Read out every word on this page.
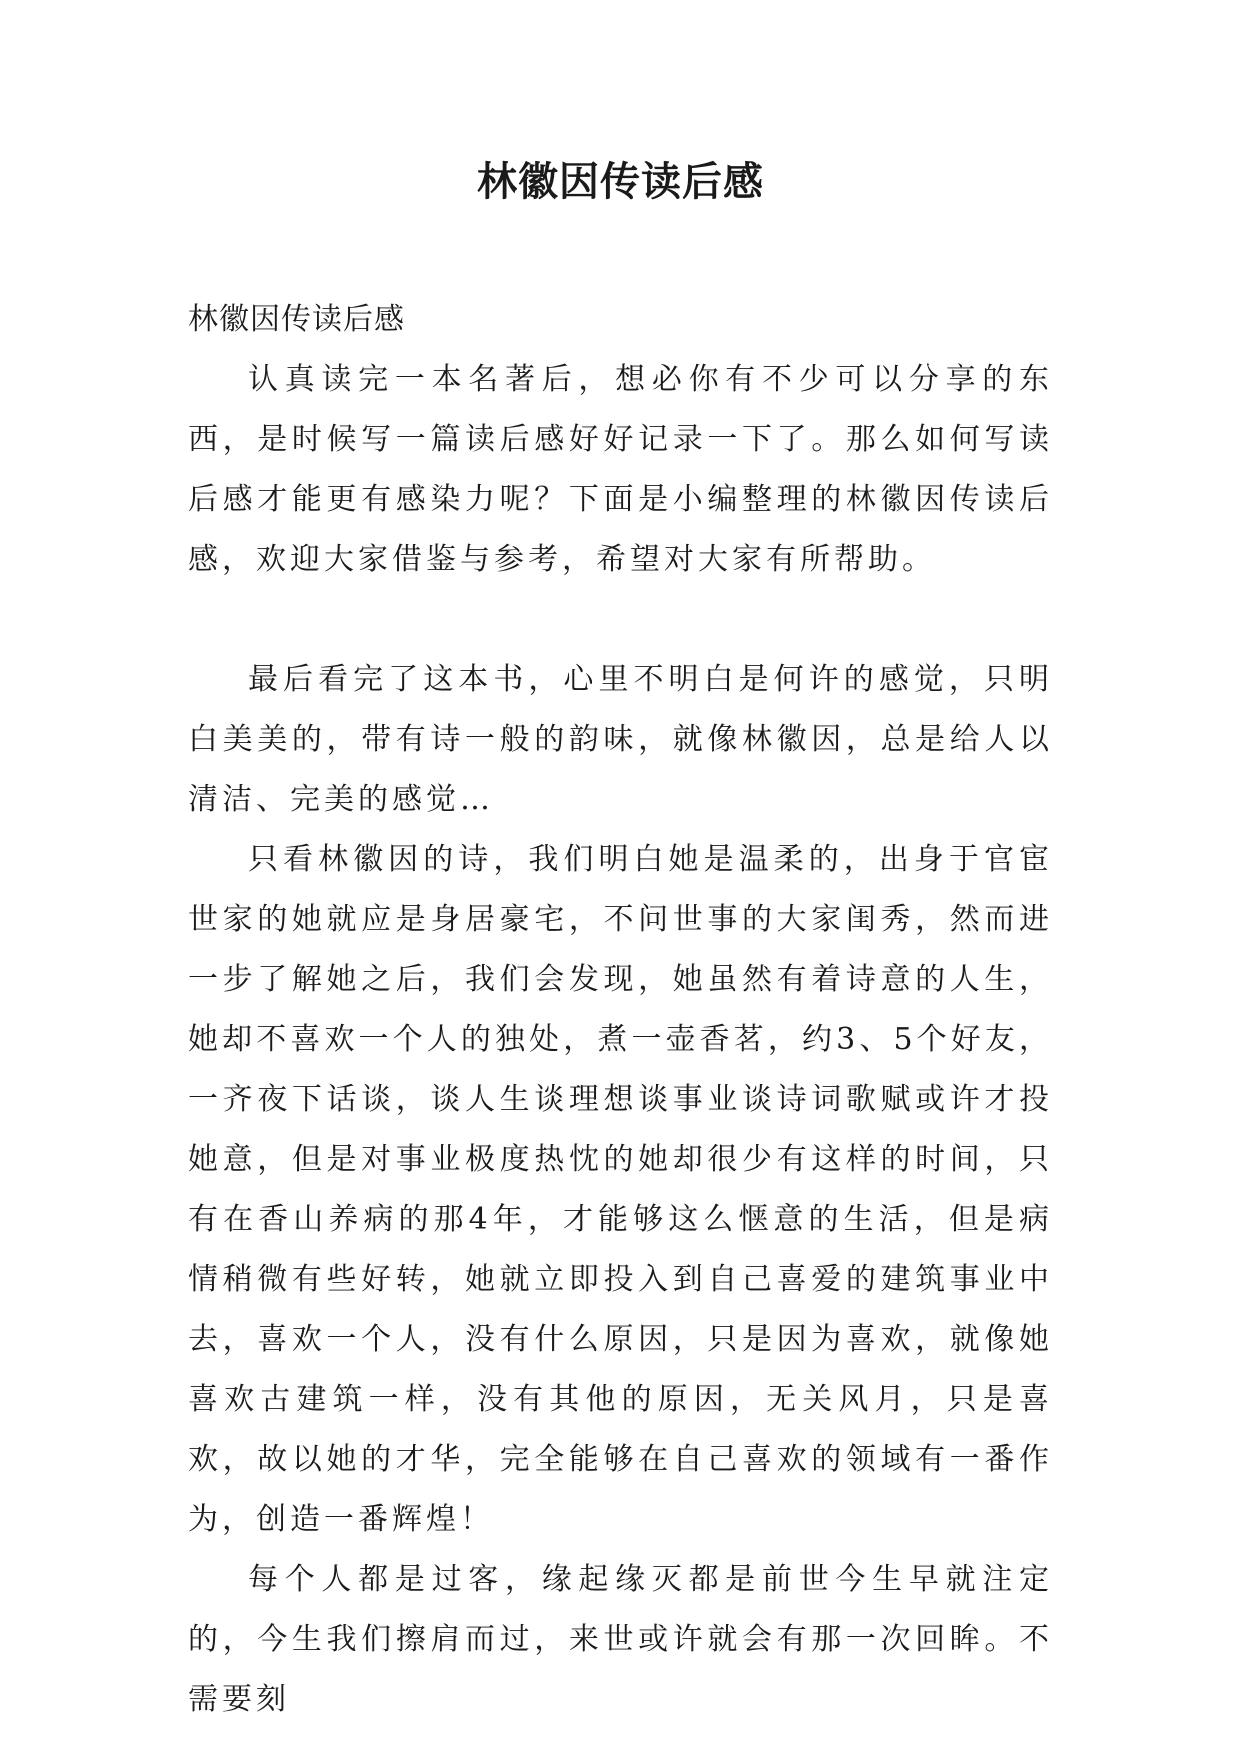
林徽因传读后感

林徽因传读后感

认真读完一本名著后，想必你有不少可以分享的东西，是时候写一篇读后感好好记录一下了。那么如何写读后感才能更有感染力呢？下面是小编整理的林徽因传读后感，欢迎大家借鉴与参考，希望对大家有所帮助。

最后看完了这本书，心里不明白是何许的感觉，只明白美美的，带有诗一般的韵味，就像林徽因，总是给人以清洁、完美的感觉…

只看林徽因的诗，我们明白她是温柔的，出身于官宦世家的她就应是身居豪宅，不问世事的大家闺秀，然而进一步了解她之后，我们会发现，她虽然有着诗意的人生，她却不喜欢一个人的独处，煮一壶香茗，约3、5个好友，一齐夜下话谈，谈人生谈理想谈事业谈诗词歌赋或许才投她意，但是对事业极度热忱的她却很少有这样的时间，只有在香山养病的那4年，才能够这么惬意的生活，但是病情稍微有些好转，她就立即投入到自己喜爱的建筑事业中去，喜欢一个人，没有什么原因，只是因为喜欢，就像她喜欢古建筑一样，没有其他的原因，无关风月，只是喜欢，故以她的才华，完全能够在自己喜欢的领域有一番作为，创造一番辉煌！

每个人都是过客，缘起缘灭都是前世今生早就注定的，今生我们擦肩而过，来世或许就会有那一次回眸。不需要刻
